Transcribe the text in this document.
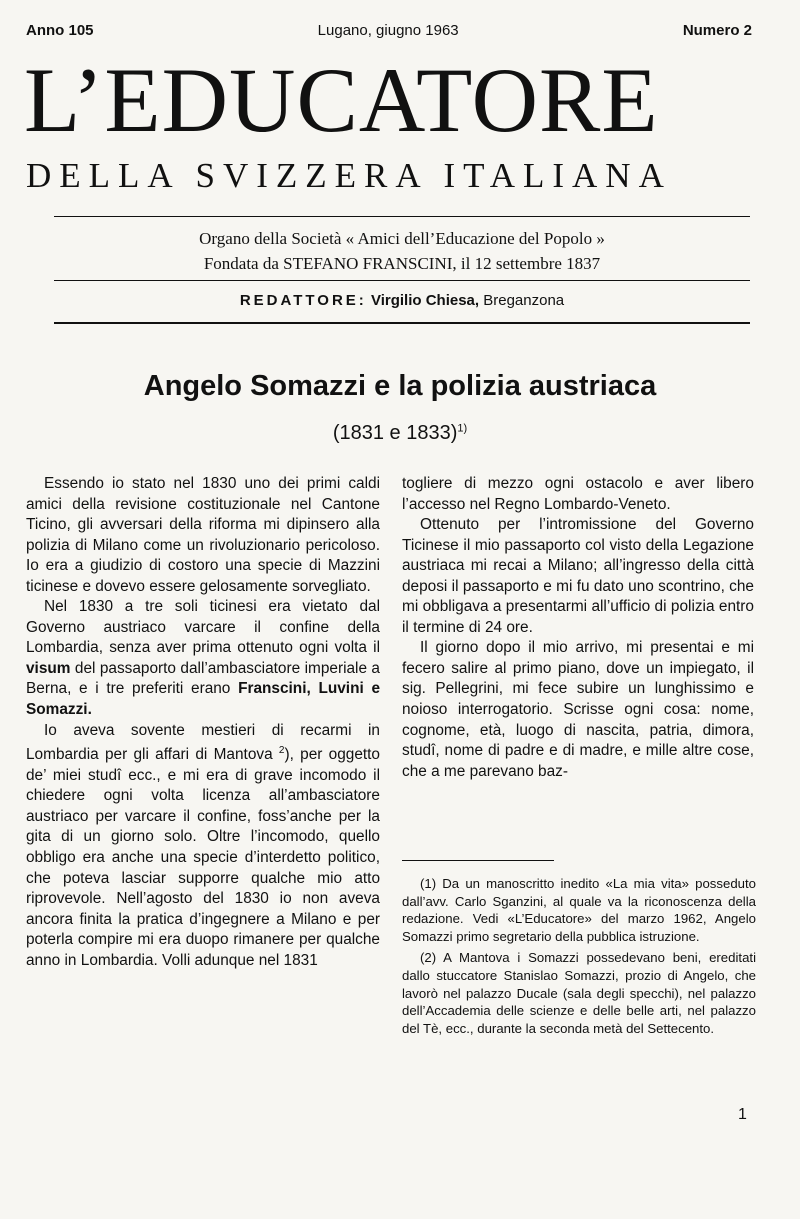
Anno 105	Lugano, giugno 1963	Numero 2
L’EDUCATORE
DELLA SVIZZERA ITALIANA
Organo della Società « Amici dell’Educazione del Popolo »
Fondata da STEFANO FRANSCINI, il 12 settembre 1837
REDATTORE: Virgilio Chiesa, Breganzona
Angelo Somazzi e la polizia austriaca
(1831 e 1833)$^{1)}$

Essendo io stato nel 1830 uno dei primi caldi amici della revisione costituzionale nel Cantone Ticino, gli avversari della riforma mi dipinsero alla polizia di Milano come un rivoluzionario pericoloso. Io era a giudizio di costoro una specie di Mazzini ticinese e dovevo essere gelosamente sorvegliato.

Nel 1830 a tre soli ticinesi era vietato dal Governo austriaco varcare il confine della Lombardia, senza aver prima ottenuto ogni volta il visum del passaporto dall’ambasciatore imperiale a Berna, e i tre preferiti erano Franscini, Luvini e Somazzi.

Io aveva sovente mestieri di recarmi in Lombardia per gli affari di Mantova $^2$), per oggetto de’ miei studî ecc., e mi era di grave incomodo il chiedere ogni volta licenza all’ambasciatore austriaco per varcare il confine, foss’anche per la gita di un giorno solo. Oltre l’incomodo, quello obbligo era anche una specie d’interdetto politico, che poteva lasciar supporre qualche mio atto riprovevole. Nell’agosto del 1830 io non aveva ancora finita la pratica d’ingegnere a Milano e per poterla compire mi era duopo rimanere per qualche anno in Lombardia. Volli adunque nel 1831

togliere di mezzo ogni ostacolo e aver libero l’accesso nel Regno Lombardo-Veneto.

Ottenuto per l’intromissione del Governo Ticinese il mio passaporto col visto della Legazione austriaca mi recai a Milano; all’ingresso della città deposi il passaporto e mi fu dato uno scontrino, che mi obbligava a presentarmi all’ufficio di polizia entro il termine di 24 ore.

Il giorno dopo il mio arrivo, mi presentai e mi fecero salire al primo piano, dove un impiegato, il sig. Pellegrini, mi fece subire un lunghissimo e noioso interrogatorio. Scrisse ogni cosa: nome, cognome, età, luogo di nascita, patria, dimora, studî, nome di padre e di madre, e mille altre cose, che a me parevano baz-

(1) Da un manoscritto inedito «La mia vita» posseduto dall’avv. Carlo Sganzini, al quale va la riconoscenza della redazione. Vedi «L’Educatore» del marzo 1962, Angelo Somazzi primo segretario della pubblica istruzione.

(2) A Mantova i Somazzi possedevano beni, ereditati dallo stuccatore Stanislao Somazzi, prozio di Angelo, che lavorò nel palazzo Ducale (sala degli specchi), nel palazzo dell’Accademia delle scienze e delle belle arti, nel palazzo del Tè, ecc., durante la seconda metà del Settecento.

1
